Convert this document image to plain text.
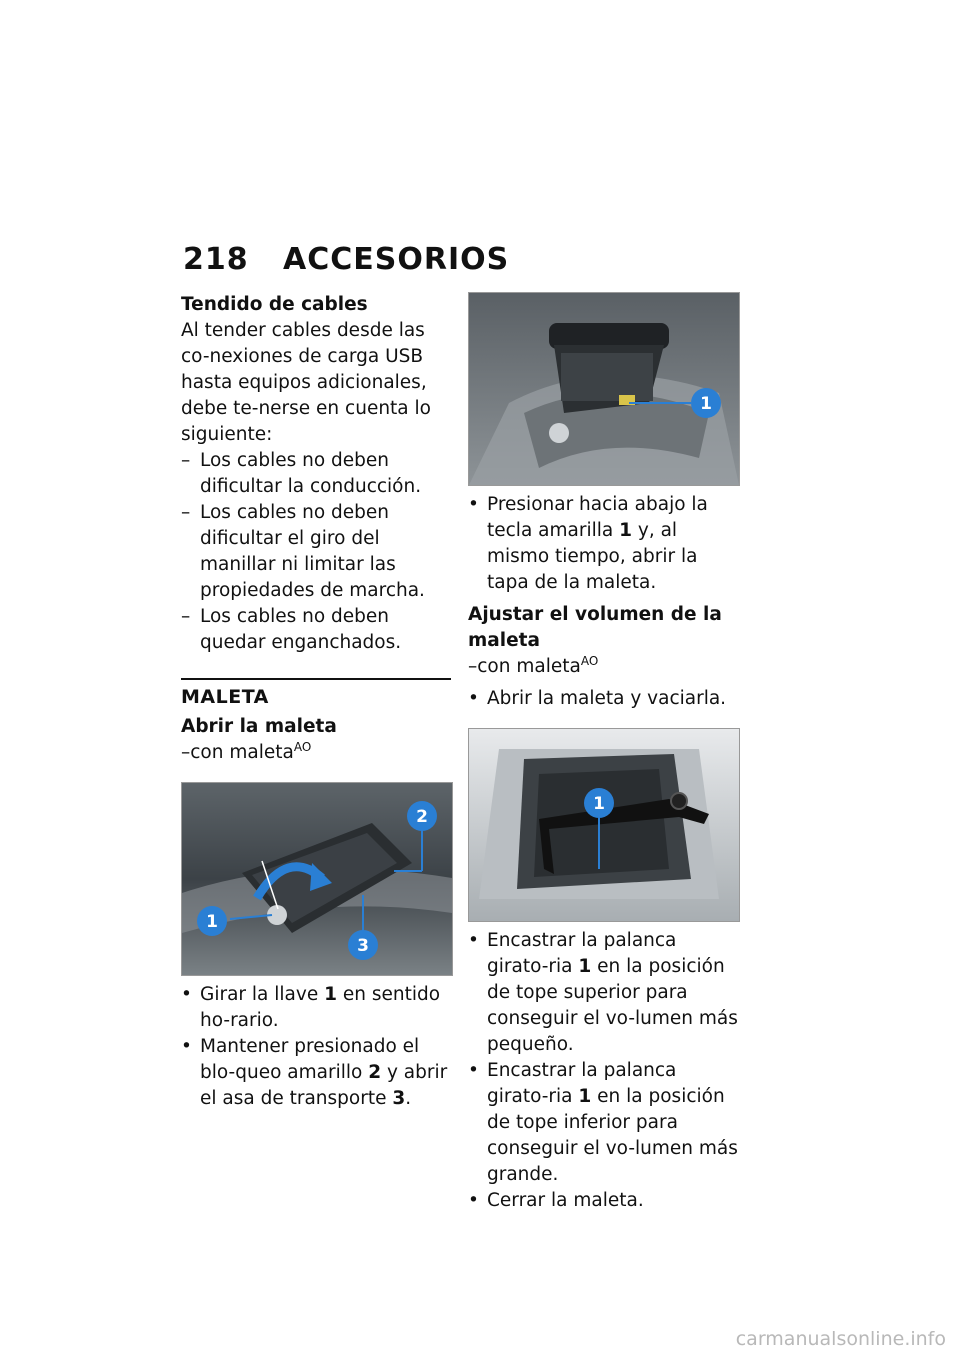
218 ACCESORIOS

Tendido de cables

Al tender cables desde las co-nexiones de carga USB hasta equipos adicionales, debe te-nerse en cuenta lo siguiente:

– Los cables no deben dificultar la conducción.

– Los cables no deben dificultar el giro del manillar ni limitar las propiedades de marcha.

– Los cables no deben quedar enganchados.

MALETA

Abrir la maleta

–con maleta$^{AO}$

1
2
3

• Girar la llave 1 en sentido ho-rario.

• Mantener presionado el blo-queo amarillo 2 y abrir el asa de transporte 3.

1

• Presionar hacia abajo la tecla amarilla 1 y, al mismo tiempo, abrir la tapa de la maleta.

Ajustar el volumen de la maleta

–con maleta$^{AO}$

• Abrir la maleta y vaciarla.

1

• Encastrar la palanca girato-ria 1 en la posición de tope superior para conseguir el vo-lumen más pequeño.

• Encastrar la palanca girato-ria 1 en la posición de tope inferior para conseguir el vo-lumen más grande.

• Cerrar la maleta.

carmanualsonline.info
